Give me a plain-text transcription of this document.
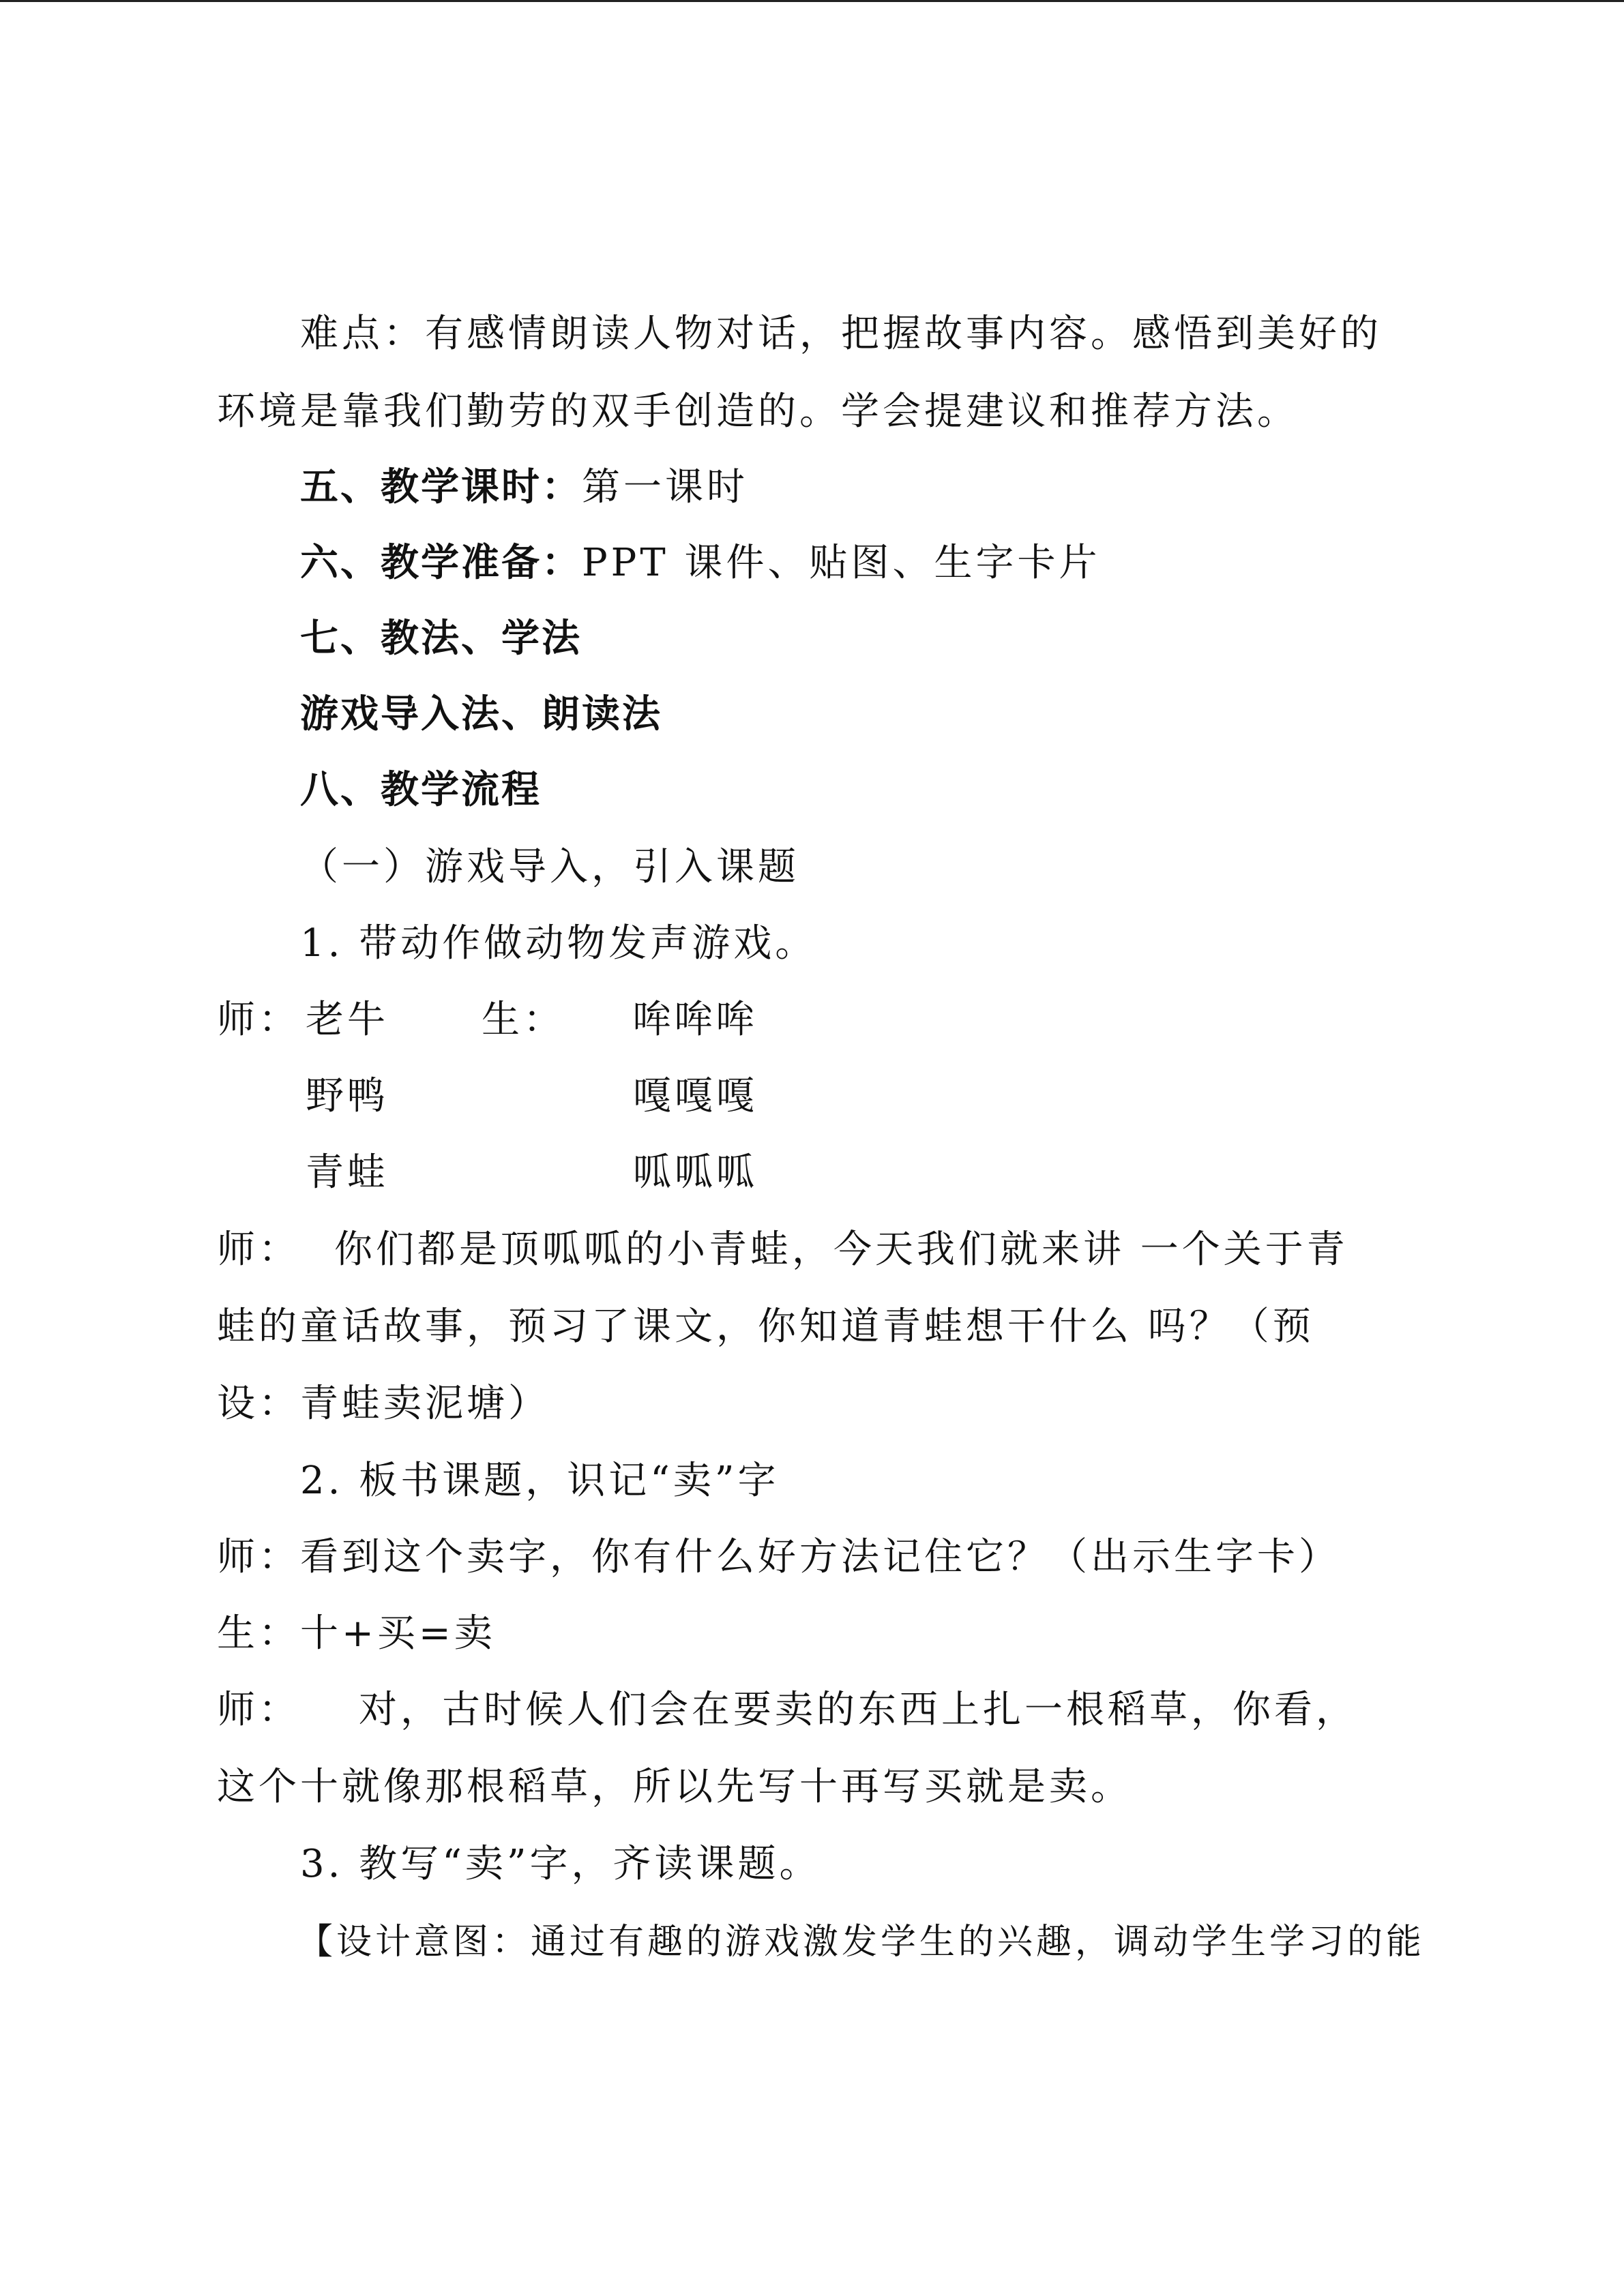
难点：有感情朗读人物对话，把握故事内容。感悟到美好的
环境是靠我们勤劳的双手创造的。学会提建议和推荐方法。
五、教学课时：第一课时
六、教学准备：PPT 课件、贴图、生字卡片
七、教法、学法
游戏导入法、朗读法
八、教学流程
（一）游戏导入，引入课题
1. 带动作做动物发声游戏。
师： 老牛 生： 哞哞哞
野鸭	嘎嘎嘎
青蛙	呱呱呱
师： 你们都是顶呱呱的小青蛙，今天我们就来讲 一个关于青
蛙的童话故事，预习了课文，你知道青蛙想干什么 吗？（预
设：青蛙卖泥塘）
2. 板书课题，识记“卖”字
师：看到这个卖字，你有什么好方法记住它？（出示生字卡）
生：十+买=卖
师： 对，古时候人们会在要卖的东西上扎一根稻草，你看，
这个十就像那根稻草，所以先写十再写买就是卖。
3. 教写“卖”字，齐读课题。
【设计意图：通过有趣的游戏激发学生的兴趣，调动学生学习的能
